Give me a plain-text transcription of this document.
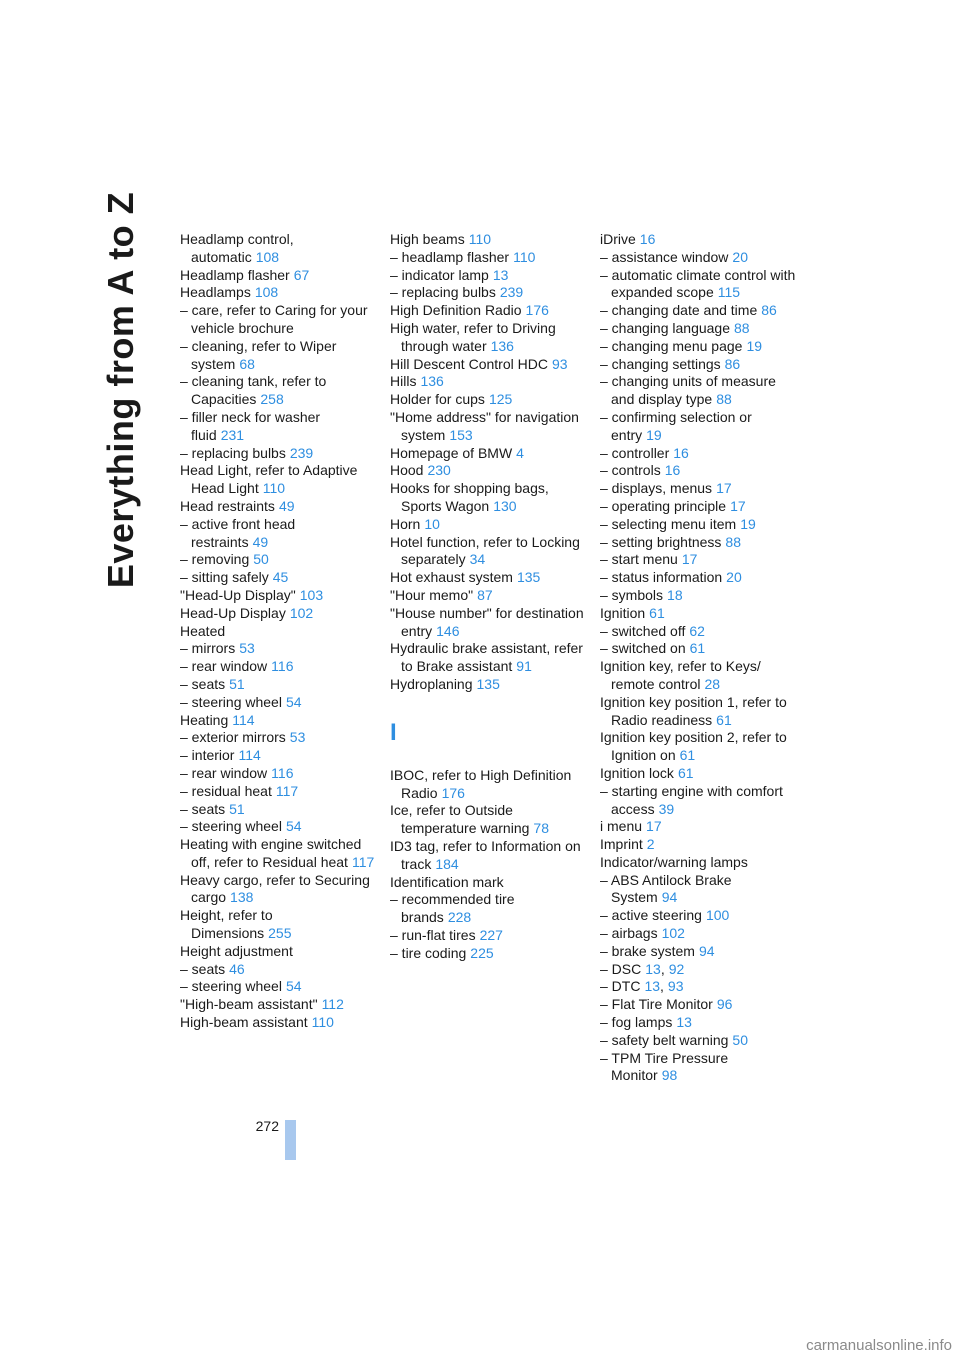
Everything from A to Z	Headlamp control, automatic 108
Headlamp flasher 67
Headlamps 108
– care, refer to Caring for your vehicle brochure
– cleaning, refer to Wiper system 68
– cleaning tank, refer to Capacities 258
– filler neck for washer fluid 231
– replacing bulbs 239
Head Light, refer to Adaptive Head Light 110
Head restraints 49
– active front head restraints 49
– removing 50
– sitting safely 45
"Head-Up Display" 103
Head-Up Display 102
Heated
– mirrors 53
– rear window 116
– seats 51
– steering wheel 54
Heating 114
– exterior mirrors 53
– interior 114
– rear window 116
– residual heat 117
– seats 51
– steering wheel 54
Heating with engine switched off, refer to Residual heat 117
Heavy cargo, refer to Securing cargo 138
Height, refer to Dimensions 255
Height adjustment
– seats 46
– steering wheel 54
"High-beam assistant" 112
High-beam assistant 110
High beams 110
– headlamp flasher 110
– indicator lamp 13
– replacing bulbs 239
High Definition Radio 176
High water, refer to Driving through water 136
Hill Descent Control HDC 93
Hills 136
Holder for cups 125
"Home address" for navigation system 153
Homepage of BMW 4
Hood 230
Hooks for shopping bags, Sports Wagon 130
Horn 10
Hotel function, refer to Locking separately 34
Hot exhaust system 135
"Hour memo" 87
"House number" for destination entry 146
Hydraulic brake assistant, refer to Brake assistant 91
Hydroplaning 135
I
IBOC, refer to High Definition Radio 176
Ice, refer to Outside temperature warning 78
ID3 tag, refer to Information on track 184
Identification mark
– recommended tire brands 228
– run-flat tires 227
– tire coding 225
iDrive 16
– assistance window 20
– automatic climate control with expanded scope 115
– changing date and time 86
– changing language 88
– changing menu page 19
– changing settings 86
– changing units of measure and display type 88
– confirming selection or entry 19
– controller 16
– controls 16
– displays, menus 17
– operating principle 17
– selecting menu item 19
– setting brightness 88
– start menu 17
– status information 20
– symbols 18
Ignition 61
– switched off 62
– switched on 61
Ignition key, refer to Keys/ remote control 28
Ignition key position 1, refer to Radio readiness 61
Ignition key position 2, refer to Ignition on 61
Ignition lock 61
– starting engine with comfort access 39
i menu 17
Imprint 2
Indicator/warning lamps
– ABS Antilock Brake System 94
– active steering 100
– airbags 102
– brake system 94
– DSC 13, 92
– DTC 13, 93
– Flat Tire Monitor 96
– fog lamps 13
– safety belt warning 50
– TPM Tire Pressure Monitor 98
272
carmanualsonline.info
